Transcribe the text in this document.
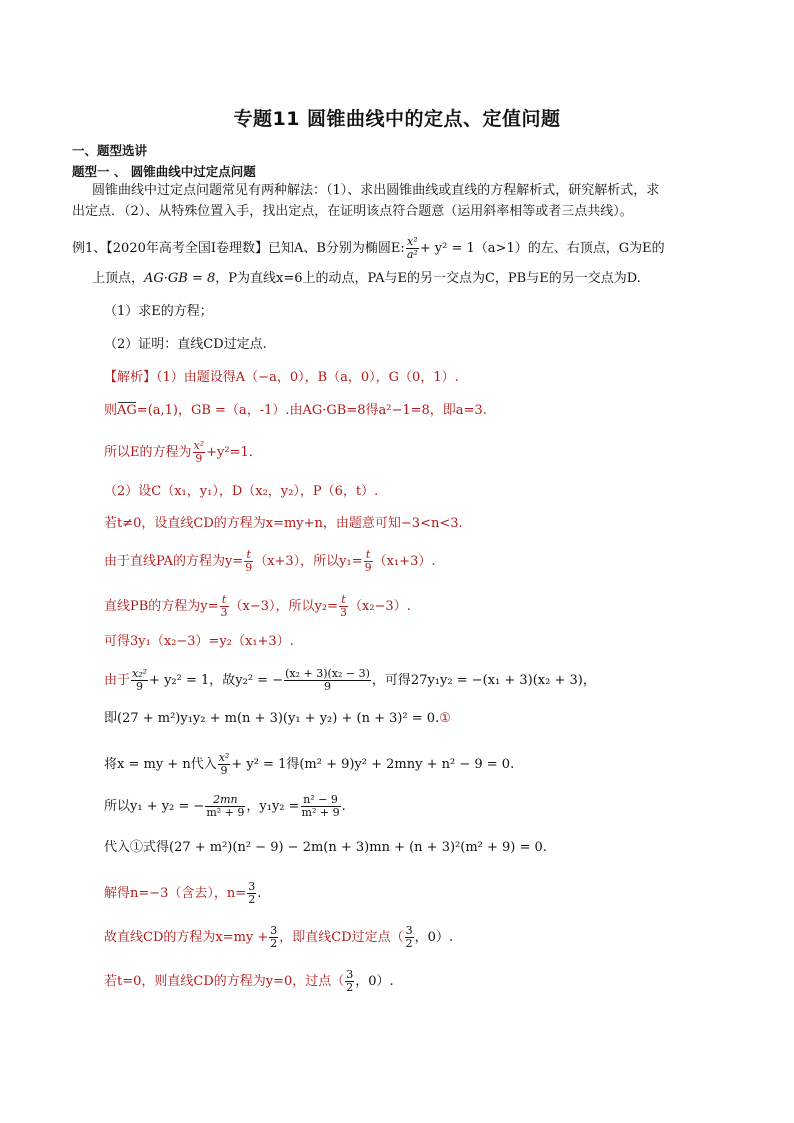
专题11 圆锥曲线中的定点、定值问题
一、题型选讲
题型一 、 圆锥曲线中过定点问题
圆锥曲线中过定点问题常见有两种解法：（1）、求出圆锥曲线或直线的方程解析式，研究解析式，求
出定点．（2）、从特殊位置入手，找出定点，在证明该点符合题意（运用斜率相等或者三点共线）。
例1、【2020年高考全国Ⅰ卷理数】已知A、B分别为椭圆E: $\frac{\text{x²}}{\text{a²}} + y^2 = 1(a>1)$的左、右顶点，G为E的
上顶点，AG·GB = 8，P为直线x=6上的动点，PA与E的另一交点为C，PB与E的另一交点为D.
（1）求E的方程；
（2）证明：直线CD过定点.
【解析】（1）由题设得A（−a，0），B（a，0），G（0，1）.
则AG=(a,1)，GB =（a，-1）.由AG·GB=8得a²−1=8，即a=3.
所以E的方程为 $\frac{\text{x²}}{9} +y^2=1$．
（2）设C（x₁，y₁），D（x₂，y₂），P（6，t）.
若t≠0，设直线CD的方程为x=my+n，由题意可知−3<n<3.
由于直线PA的方程为$y= \frac{t}{9} (x+3)$，所以$y_1= \frac{t}{9} (x_1+3)$.
直线PB的方程为$y= \frac{t}{3} (x-3)$，所以$y_2= \frac{t}{3} (x_2-3)$.
可得3y₁（x₂−3）=y₂（x₁+3）.
由于 $\frac{\text{x₂²}}{9} + y_2^2 = 1$，故y₂² = − $\frac{\text{(x₂ + 3)(x₂ − 3)}}{9}$ ，可得27y₁y₂ = −(x₁ + 3)(x₂ + 3)，
即(27 + m²)y₁y₂ + m(n + 3)(y₁ + y₂) + (n + 3)² = 0.①
将x = my + n代入 $\frac{\text{x²}}{9} + y^2 = 1$得(m² + 9)y² + 2mny + n² − 9 = 0.
所以y₁ + y₂ = − $\frac{2mn}{\text{m² + 9}}$ ，$y_1y_2 = \frac{\text{n² − 9}}{\text{m² + 9}}$ .
代入①式得(27 + m²)(n² − 9) − 2m(n + 3)mn + (n + 3)²(m² + 9) = 0.
解得n=−3（含去），$n= \frac{3}{2}$ .
故直线CD的方程为$x=my + \frac{3}{2}$ ，即直线CD过定点（ $\frac{3}{2}$ ，0）.
若t=0，则直线CD的方程为y=0，过点（ $\frac{3}{2}$ ，0）.
